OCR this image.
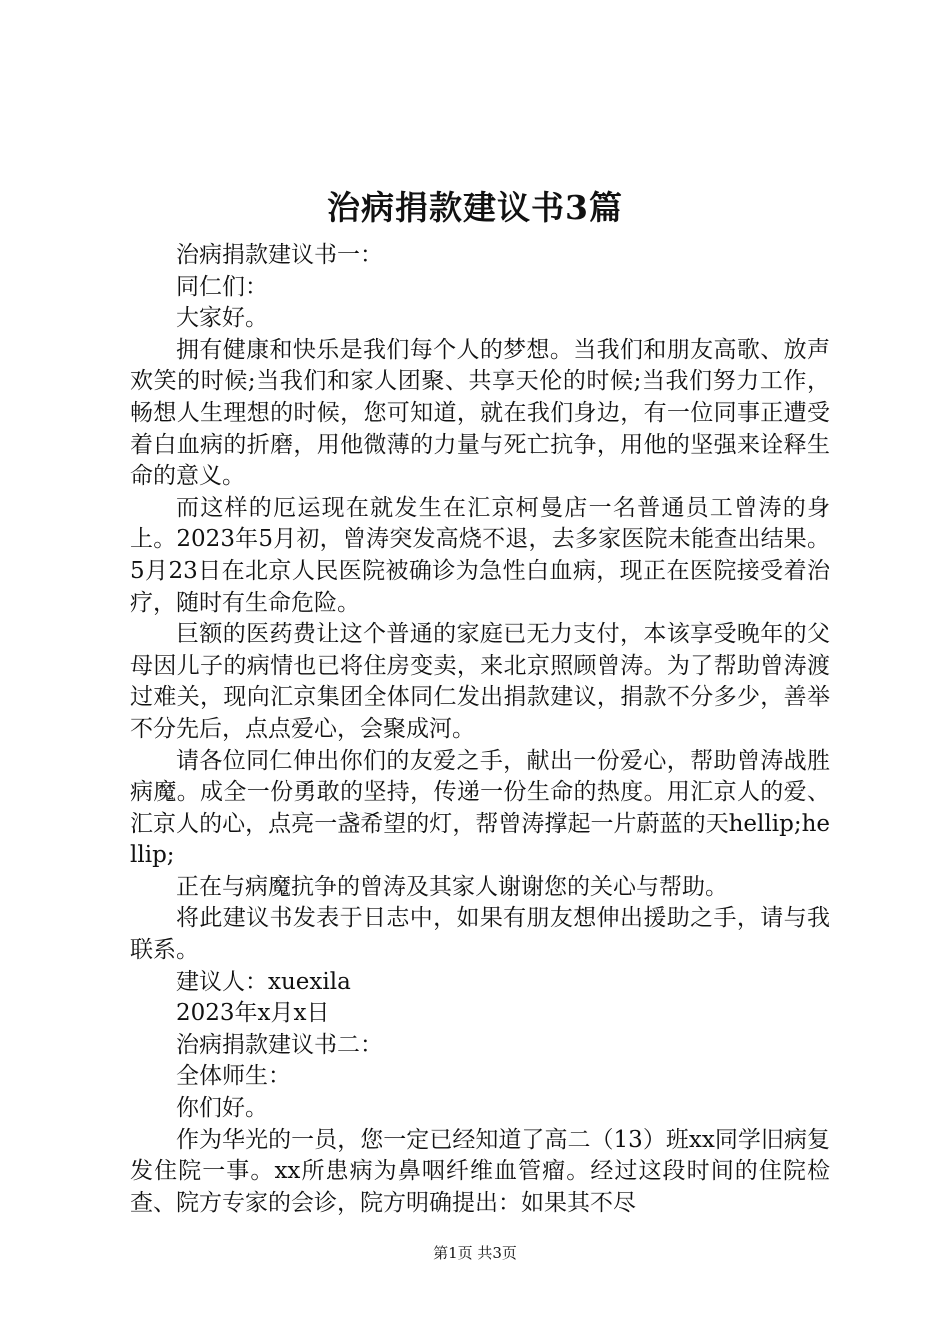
治病捐款建议书3篇

治病捐款建议书一：

同仁们：

大家好。

拥有健康和快乐是我们每个人的梦想。当我们和朋友高歌、放声欢笑的时候;当我们和家人团聚、共享天伦的时候;当我们努力工作，畅想人生理想的时候，您可知道，就在我们身边，有一位同事正遭受着白血病的折磨，用他微薄的力量与死亡抗争，用他的坚强来诠释生命的意义。

而这样的厄运现在就发生在汇京柯曼店一名普通员工曾涛的身上。2023年5月初，曾涛突发高烧不退，去多家医院未能查出结果。5月23日在北京人民医院被确诊为急性白血病，现正在医院接受着治疗，随时有生命危险。

巨额的医药费让这个普通的家庭已无力支付，本该享受晚年的父母因儿子的病情也已将住房变卖，来北京照顾曾涛。为了帮助曾涛渡过难关，现向汇京集团全体同仁发出捐款建议，捐款不分多少，善举不分先后，点点爱心，会聚成河。

请各位同仁伸出你们的友爱之手，献出一份爱心，帮助曾涛战胜病魔。成全一份勇敢的坚持，传递一份生命的热度。用汇京人的爱、汇京人的心，点亮一盏希望的灯，帮曾涛撑起一片蔚蓝的天hellip;hellip;

正在与病魔抗争的曾涛及其家人谢谢您的关心与帮助。

将此建议书发表于日志中，如果有朋友想伸出援助之手，请与我联系。

建议人：xuexila

2023年x月x日

治病捐款建议书二：

全体师生：

你们好。

作为华光的一员，您一定已经知道了高二（13）班xx同学旧病复发住院一事。xx所患病为鼻咽纤维血管瘤。经过这段时间的住院检查、院方专家的会诊，院方明确提出：如果其不尽

第1页 共3页
